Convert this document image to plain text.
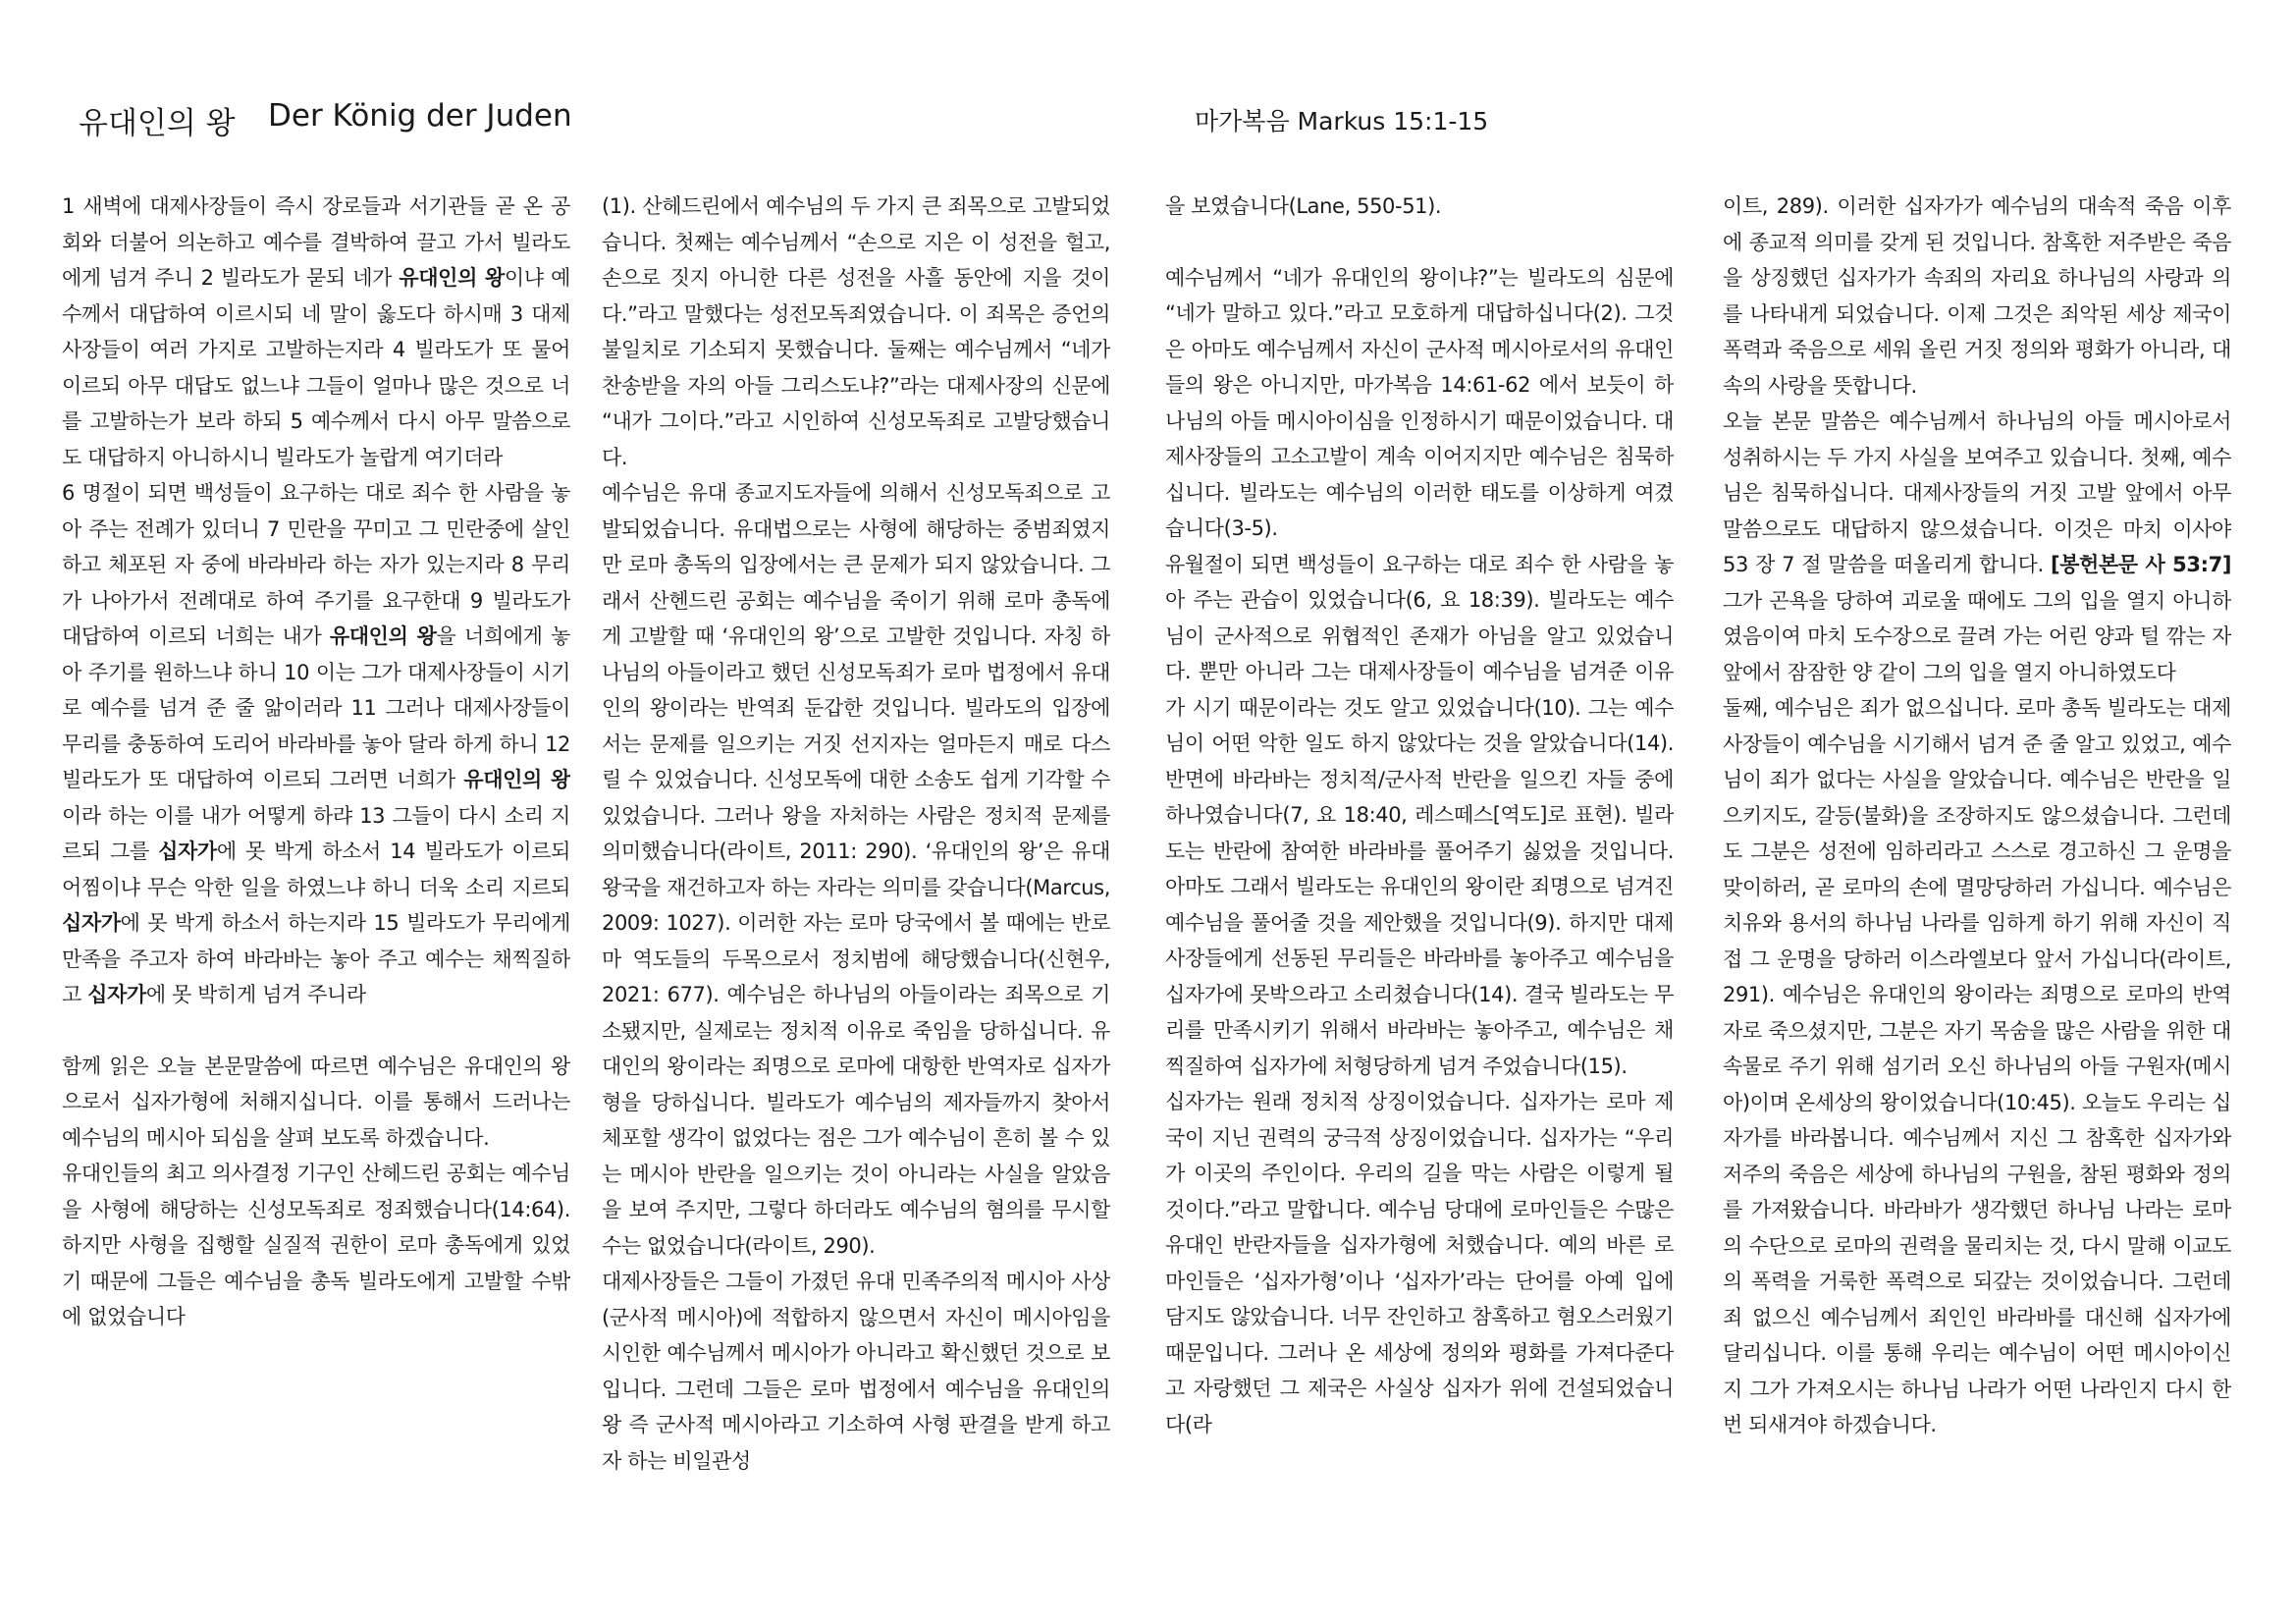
유대인의 왕 Der König der Juden	마가복음 Markus 15:1-15

1 새벽에 대제사장들이 즉시 장로들과 서기관들 곧 온 공회와 더불어 의논하고 예수를 결박하여 끌고 가서 빌라도에게 넘겨 주니 2 빌라도가 묻되 네가 유대인의 왕이냐 예수께서 대답하여 이르시되 네 말이 옳도다 하시매 3 대제사장들이 여러 가지로 고발하는지라 4 빌라도가 또 물어 이르되 아무 대답도 없느냐 그들이 얼마나 많은 것으로 너를 고발하는가 보라 하되 5 예수께서 다시 아무 말씀으로도 대답하지 아니하시니 빌라도가 놀랍게 여기더라

6 명절이 되면 백성들이 요구하는 대로 죄수 한 사람을 놓아 주는 전례가 있더니 7 민란을 꾸미고 그 민란중에 살인하고 체포된 자 중에 바라바라 하는 자가 있는지라 8 무리가 나아가서 전례대로 하여 주기를 요구한대 9 빌라도가 대답하여 이르되 너희는 내가 유대인의 왕을 너희에게 놓아 주기를 원하느냐 하니 10 이는 그가 대제사장들이 시기로 예수를 넘겨 준 줄 앎이러라 11 그러나 대제사장들이 무리를 충동하여 도리어 바라바를 놓아 달라 하게 하니 12 빌라도가 또 대답하여 이르되 그러면 너희가 유대인의 왕이라 하는 이를 내가 어떻게 하랴 13 그들이 다시 소리 지르되 그를 십자가에 못 박게 하소서 14 빌라도가 이르되 어찜이냐 무슨 악한 일을 하였느냐 하니 더욱 소리 지르되 십자가에 못 박게 하소서 하는지라 15 빌라도가 무리에게 만족을 주고자 하여 바라바는 놓아 주고 예수는 채찍질하고 십자가에 못 박히게 넘겨 주니라

함께 읽은 오늘 본문말씀에 따르면 예수님은 유대인의 왕으로서 십자가형에 처해지십니다. 이를 통해서 드러나는 예수님의 메시아 되심을 살펴 보도록 하겠습니다.

유대인들의 최고 의사결정 기구인 산헤드린 공회는 예수님을 사형에 해당하는 신성모독죄로 정죄했습니다(14:64). 하지만 사형을 집행할 실질적 권한이 로마 총독에게 있었기 때문에 그들은 예수님을 총독 빌라도에게 고발할 수밖에 없었습니다

(1). 산헤드린에서 예수님의 두 가지 큰 죄목으로 고발되었습니다. 첫째는 예수님께서 “손으로 지은 이 성전을 헐고, 손으로 짓지 아니한 다른 성전을 사흘 동안에 지을 것이다.”라고 말했다는 성전모독죄였습니다. 이 죄목은 증언의 불일치로 기소되지 못했습니다. 둘째는 예수님께서 “네가 찬송받을 자의 아들 그리스도냐?”라는 대제사장의 신문에 “내가 그이다.”라고 시인하여 신성모독죄로 고발당했습니다.

예수님은 유대 종교지도자들에 의해서 신성모독죄으로 고발되었습니다. 유대법으로는 사형에 해당하는 중범죄였지만 로마 총독의 입장에서는 큰 문제가 되지 않았습니다. 그래서 산헨드린 공회는 예수님을 죽이기 위해 로마 총독에게 고발할 때 ‘유대인의 왕’으로 고발한 것입니다. 자칭 하나님의 아들이라고 했던 신성모독죄가 로마 법정에서 유대인의 왕이라는 반역죄 둔갑한 것입니다. 빌라도의 입장에서는 문제를 일으키는 거짓 선지자는 얼마든지 매로 다스릴 수 있었습니다. 신성모독에 대한 소송도 쉽게 기각할 수 있었습니다. 그러나 왕을 자처하는 사람은 정치적 문제를 의미했습니다(라이트, 2011: 290). ‘유대인의 왕’은 유대왕국을 재건하고자 하는 자라는 의미를 갖습니다(Marcus, 2009: 1027). 이러한 자는 로마 당국에서 볼 때에는 반로마 역도들의 두목으로서 정치범에 해당했습니다(신현우, 2021: 677). 예수님은 하나님의 아들이라는 죄목으로 기소됐지만, 실제로는 정치적 이유로 죽임을 당하십니다. 유대인의 왕이라는 죄명으로 로마에 대항한 반역자로 십자가형을 당하십니다. 빌라도가 예수님의 제자들까지 찾아서 체포할 생각이 없었다는 점은 그가 예수님이 흔히 볼 수 있는 메시아 반란을 일으키는 것이 아니라는 사실을 알았음을 보여 주지만, 그렇다 하더라도 예수님의 혐의를 무시할 수는 없었습니다(라이트, 290).

대제사장들은 그들이 가졌던 유대 민족주의적 메시아 사상(군사적 메시아)에 적합하지 않으면서 자신이 메시아임을 시인한 예수님께서 메시아가 아니라고 확신했던 것으로 보입니다. 그런데 그들은 로마 법정에서 예수님을 유대인의 왕 즉 군사적 메시아라고 기소하여 사형 판결을 받게 하고자 하는 비일관성

을 보였습니다(Lane, 550-51).

예수님께서 “네가 유대인의 왕이냐?”는 빌라도의 심문에 “네가 말하고 있다.”라고 모호하게 대답하십니다(2). 그것은 아마도 예수님께서 자신이 군사적 메시아로서의 유대인들의 왕은 아니지만, 마가복음 14:61-62 에서 보듯이 하나님의 아들 메시아이심을 인정하시기 때문이었습니다. 대제사장들의 고소고발이 계속 이어지지만 예수님은 침묵하십니다. 빌라도는 예수님의 이러한 태도를 이상하게 여겼습니다(3-5).

유월절이 되면 백성들이 요구하는 대로 죄수 한 사람을 놓아 주는 관습이 있었습니다(6, 요 18:39). 빌라도는 예수님이 군사적으로 위협적인 존재가 아님을 알고 있었습니다. 뿐만 아니라 그는 대제사장들이 예수님을 넘겨준 이유가 시기 때문이라는 것도 알고 있었습니다(10). 그는 예수님이 어떤 악한 일도 하지 않았다는 것을 알았습니다(14). 반면에 바라바는 정치적/군사적 반란을 일으킨 자들 중에 하나였습니다(7, 요 18:40, 레스떼스[역도]로 표현). 빌라도는 반란에 참여한 바라바를 풀어주기 싫었을 것입니다. 아마도 그래서 빌라도는 유대인의 왕이란 죄명으로 넘겨진 예수님을 풀어줄 것을 제안했을 것입니다(9). 하지만 대제사장들에게 선동된 무리들은 바라바를 놓아주고 예수님을 십자가에 못박으라고 소리쳤습니다(14). 결국 빌라도는 무리를 만족시키기 위해서 바라바는 놓아주고, 예수님은 채찍질하여 십자가에 처형당하게 넘겨 주었습니다(15).

십자가는 원래 정치적 상징이었습니다. 십자가는 로마 제국이 지닌 권력의 궁극적 상징이었습니다. 십자가는 “우리가 이곳의 주인이다. 우리의 길을 막는 사람은 이렇게 될 것이다.”라고 말합니다. 예수님 당대에 로마인들은 수많은 유대인 반란자들을 십자가형에 처했습니다. 예의 바른 로마인들은 ‘십자가형’이나 ‘십자가’라는 단어를 아예 입에 담지도 않았습니다. 너무 잔인하고 참혹하고 혐오스러웠기 때문입니다. 그러나 온 세상에 정의와 평화를 가져다준다고 자랑했던 그 제국은 사실상 십자가 위에 건설되었습니다(라

이트, 289). 이러한 십자가가 예수님의 대속적 죽음 이후에 종교적 의미를 갖게 된 것입니다. 참혹한 저주받은 죽음을 상징했던 십자가가 속죄의 자리요 하나님의 사랑과 의를 나타내게 되었습니다. 이제 그것은 죄악된 세상 제국이 폭력과 죽음으로 세워 올린 거짓 정의와 평화가 아니라, 대속의 사랑을 뜻합니다.

오늘 본문 말씀은 예수님께서 하나님의 아들 메시아로서 성취하시는 두 가지 사실을 보여주고 있습니다. 첫째, 예수님은 침묵하십니다. 대제사장들의 거짓 고발 앞에서 아무 말씀으로도 대답하지 않으셨습니다. 이것은 마치 이사야 53 장 7 절 말씀을 떠올리게 합니다. [봉헌본문 사 53:7] 그가 곤욕을 당하여 괴로울 때에도 그의 입을 열지 아니하였음이여 마치 도수장으로 끌려 가는 어린 양과 털 깎는 자 앞에서 잠잠한 양 같이 그의 입을 열지 아니하였도다

둘째, 예수님은 죄가 없으십니다. 로마 총독 빌라도는 대제사장들이 예수님을 시기해서 넘겨 준 줄 알고 있었고, 예수님이 죄가 없다는 사실을 알았습니다. 예수님은 반란을 일으키지도, 갈등(불화)을 조장하지도 않으셨습니다. 그런데도 그분은 성전에 임하리라고 스스로 경고하신 그 운명을 맞이하러, 곧 로마의 손에 멸망당하러 가십니다. 예수님은 치유와 용서의 하나님 나라를 임하게 하기 위해 자신이 직접 그 운명을 당하러 이스라엘보다 앞서 가십니다(라이트, 291). 예수님은 유대인의 왕이라는 죄명으로 로마의 반역자로 죽으셨지만, 그분은 자기 목숨을 많은 사람을 위한 대속물로 주기 위해 섬기러 오신 하나님의 아들 구원자(메시아)이며 온세상의 왕이었습니다(10:45). 오늘도 우리는 십자가를 바라봅니다. 예수님께서 지신 그 참혹한 십자가와 저주의 죽음은 세상에 하나님의 구원을, 참된 평화와 정의를 가져왔습니다. 바라바가 생각했던 하나님 나라는 로마의 수단으로 로마의 권력을 물리치는 것, 다시 말해 이교도의 폭력을 거룩한 폭력으로 되갚는 것이었습니다. 그런데 죄 없으신 예수님께서 죄인인 바라바를 대신해 십자가에 달리십니다. 이를 통해 우리는 예수님이 어떤 메시아이신지 그가 가져오시는 하나님 나라가 어떤 나라인지 다시 한 번 되새겨야 하겠습니다.
